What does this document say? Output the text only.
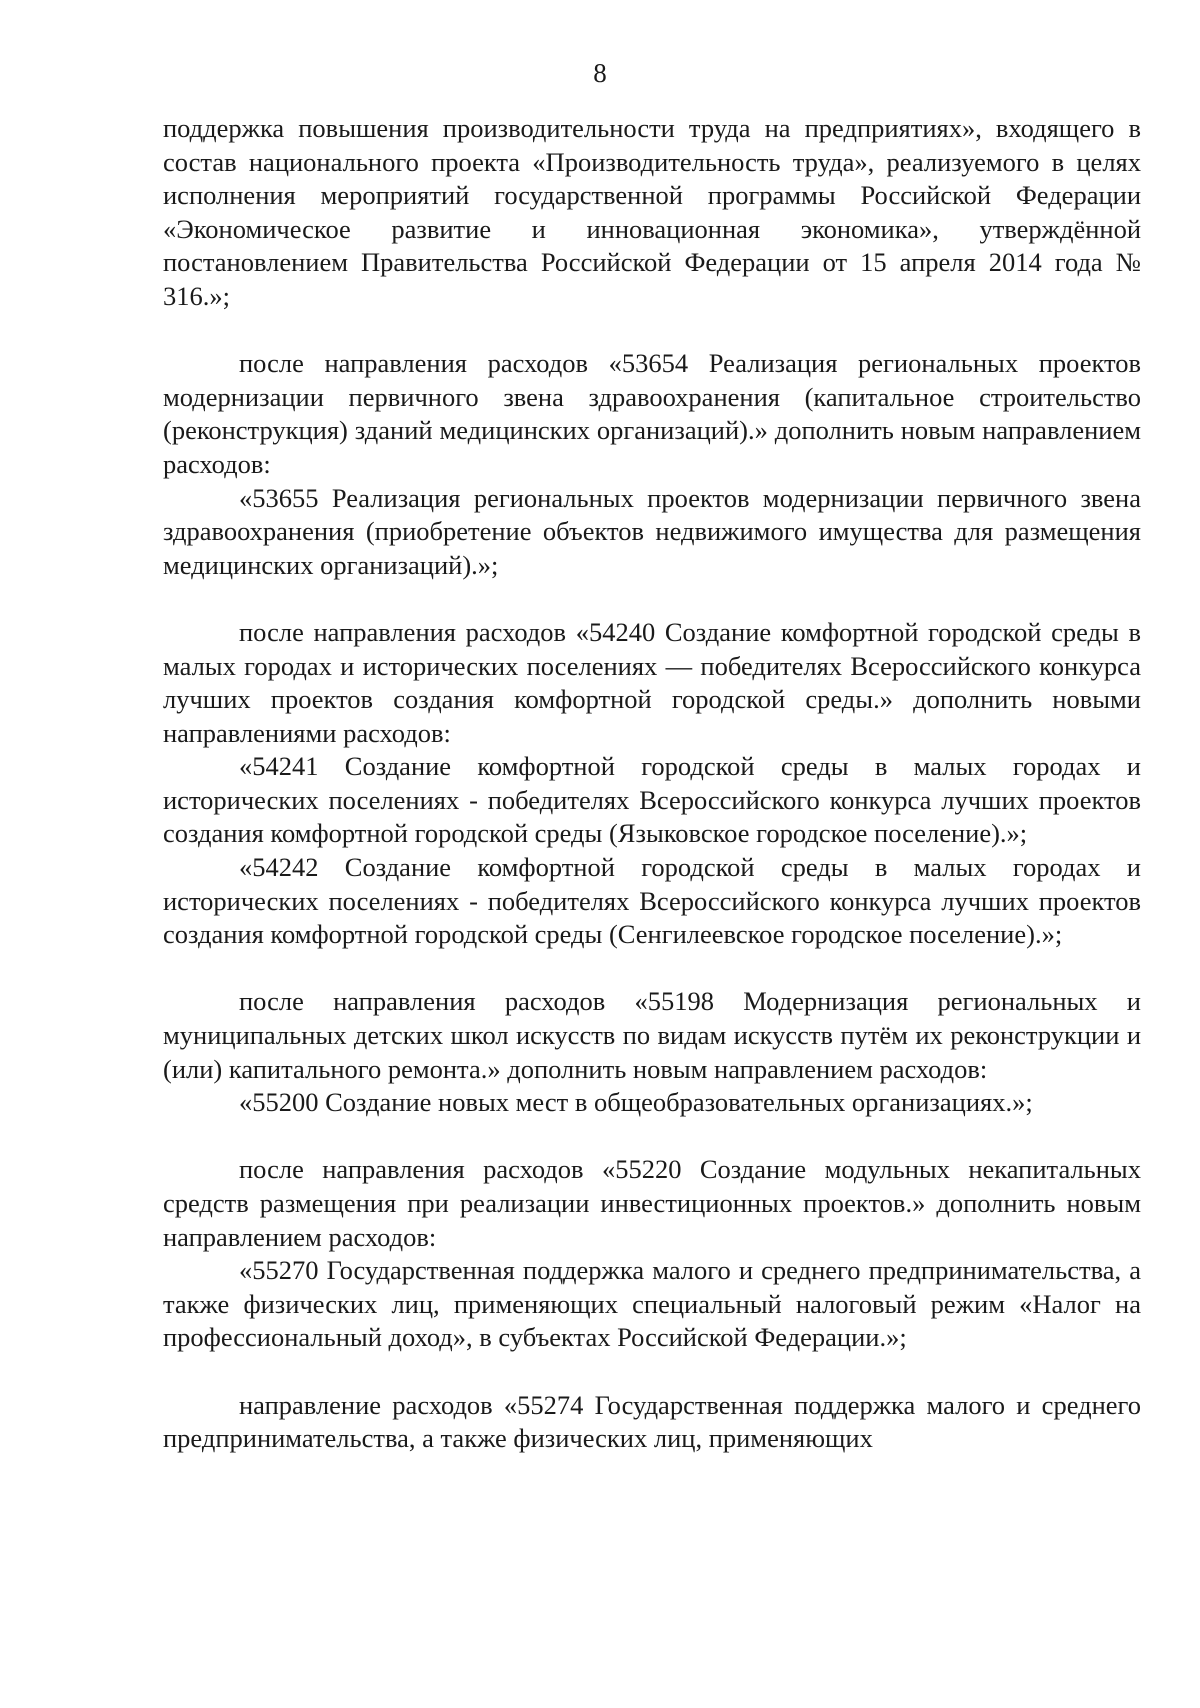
8

поддержка повышения производительности труда на предприятиях», входящего в состав национального проекта «Производительность труда», реализуемого в целях исполнения мероприятий государственной программы Российской Федерации «Экономическое развитие и инновационная экономика», утверждённой постановлением Правительства Российской Федерации от 15 апреля 2014 года № 316.»;

после направления расходов «53654 Реализация региональных проектов модернизации первичного звена здравоохранения (капитальное строительство (реконструкция) зданий медицинских организаций).» дополнить новым направлением расходов:

«53655 Реализация региональных проектов модернизации первичного звена здравоохранения (приобретение объектов недвижимого имущества для размещения медицинских организаций).»;

после направления расходов «54240 Создание комфортной городской среды в малых городах и исторических поселениях — победителях Всероссийского конкурса лучших проектов создания комфортной городской среды.» дополнить новыми направлениями расходов:

«54241 Создание комфортной городской среды в малых городах и исторических поселениях - победителях Всероссийского конкурса лучших проектов создания комфортной городской среды (Языковское городское поселение).»;

«54242 Создание комфортной городской среды в малых городах и исторических поселениях - победителях Всероссийского конкурса лучших проектов создания комфортной городской среды (Сенгилеевское городское поселение).»;

после направления расходов «55198 Модернизация региональных и муниципальных детских школ искусств по видам искусств путём их реконструкции и (или) капитального ремонта.» дополнить новым направлением расходов:

«55200 Создание новых мест в общеобразовательных организациях.»;

после направления расходов «55220 Создание модульных некапитальных средств размещения при реализации инвестиционных проектов.» дополнить новым направлением расходов:

«55270 Государственная поддержка малого и среднего предпринимательства, а также физических лиц, применяющих специальный налоговый режим «Налог на профессиональный доход», в субъектах Российской Федерации.»;

направление расходов «55274 Государственная поддержка малого и среднего предпринимательства, а также физических лиц, применяющих
